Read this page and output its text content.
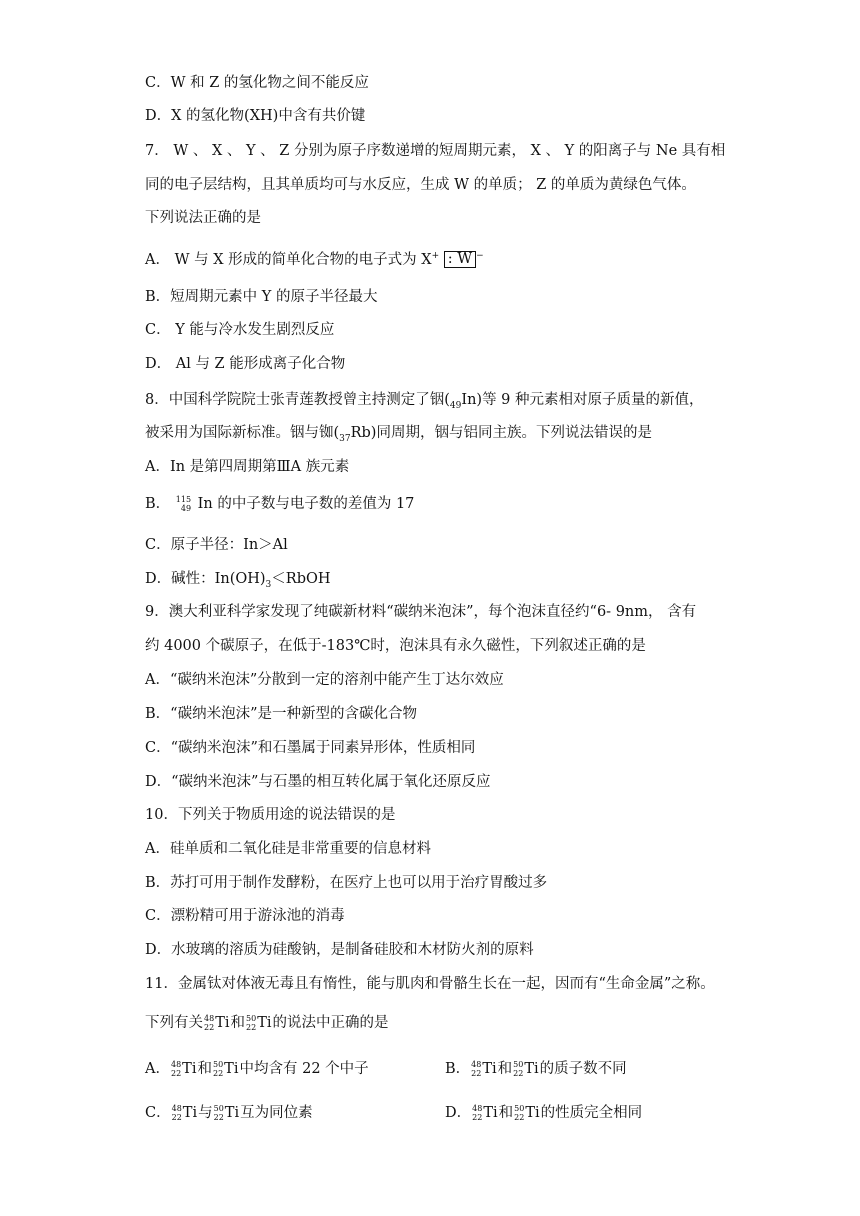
C．W 和 Z 的氢化物之间不能反应
D．X 的氢化物(XH)中含有共价键
7． W 、 X 、 Y 、 Z 分别为原子序数递增的短周期元素， X 、 Y 的阳离子与 Ne 具有相
同的电子层结构，且其单质均可与水反应，生成 W 的单质； Z 的单质为黄绿色气体。
下列说法正确的是
A． W 与 X 形成的简单化合物的电子式为 X+ : W −
B．短周期元素中 Y 的原子半径最大
C． Y 能与冷水发生剧烈反应
D． Al 与 Z 能形成离子化合物
8．中国科学院院士张青莲教授曾主持测定了铟$(_{49}In)$等 9 种元素相对原子质量的新值，
被采用为国际新标准。铟与铷$(_{37}Rb)$同周期，铟与铝同主族。下列说法错误的是
A．In 是第四周期第ⅢA 族元素
B． 115
49 In 的中子数与电子数的差值为 17
C．原子半径：In＞Al
D．碱性：$In(OH)_3<RbOH$
9．澳大利亚科学家发现了纯碳新材料“碳纳米泡沫”，每个泡沫直径约“6- 9nm， 含有
约 4000 个碳原子，在低于-183℃时，泡沫具有永久磁性，下列叙述正确的是
A．“碳纳米泡沫”分散到一定的溶剂中能产生丁达尔效应
B．“碳纳米泡沫”是一种新型的含碳化合物
C．“碳纳米泡沫”和石墨属于同素异形体，性质相同
D．“碳纳米泡沫”与石墨的相互转化属于氧化还原反应
10．下列关于物质用途的说法错误的是
A．硅单质和二氧化硅是非常重要的信息材料
B．苏打可用于制作发酵粉，在医疗上也可以用于治疗胃酸过多
C．漂粉精可用于游泳池的消毒
D．水玻璃的溶质为硅酸钠，是制备硅胶和木材防火剂的原料
11．金属钛对体液无毒且有惰性，能与肌肉和骨骼生长在一起，因而有“生命金属”之称。
下列有关 48
22 Ti和 50
22 Ti的说法中正确的是
A． 48
22 Ti和 50
22 Ti中均含有 22 个中子	B． 48
22 Ti和 50
22 Ti的质子数不同
C． 48
22 Ti与 50
22 Ti互为同位素	D． 48
22 Ti和 50
22 Ti的性质完全相同
